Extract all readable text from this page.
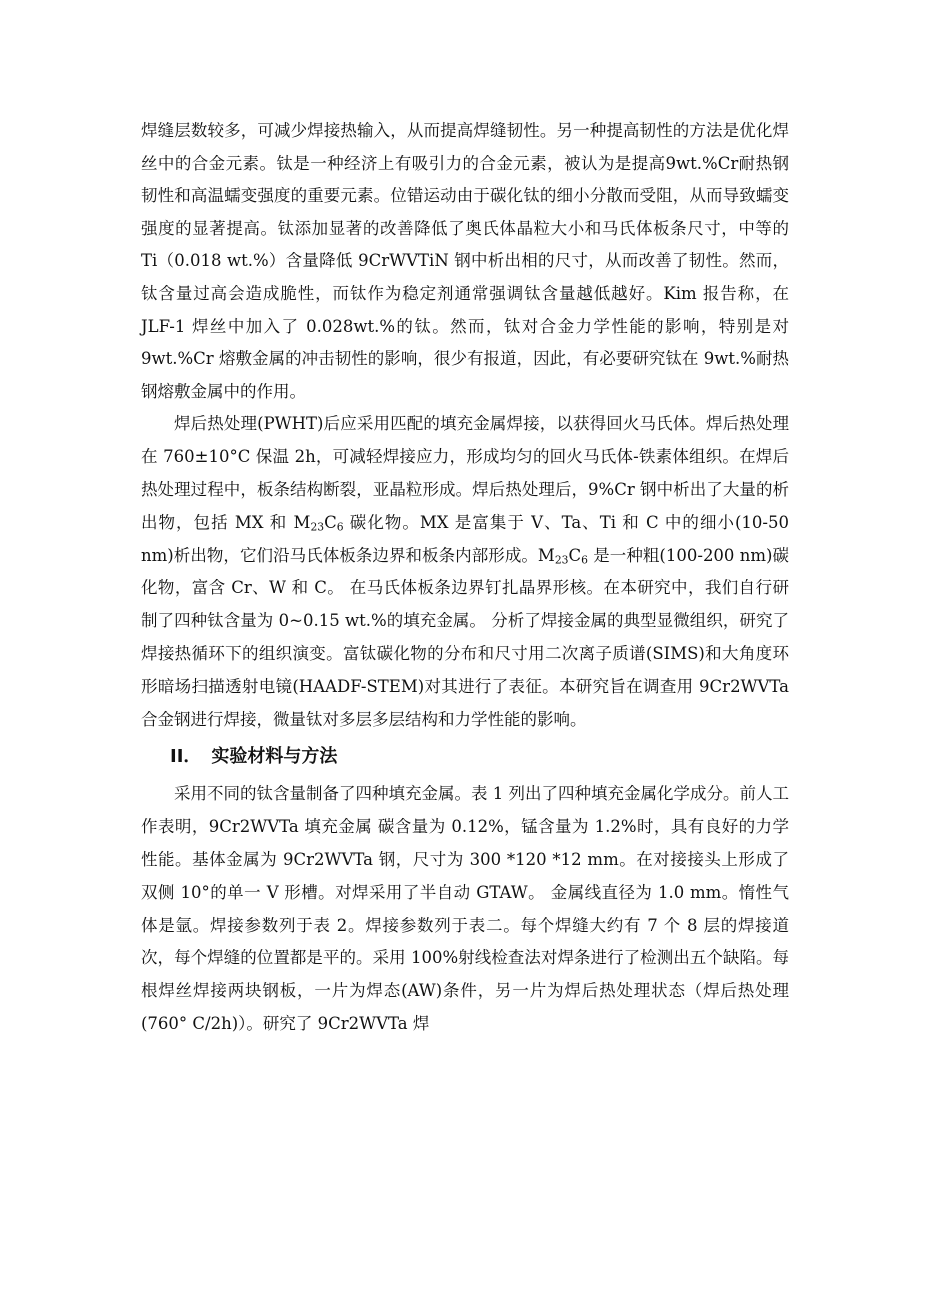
焊缝层数较多，可减少焊接热输入，从而提高焊缝韧性。另一种提高韧性的方法是优化焊丝中的合金元素。钛是一种经济上有吸引力的合金元素，被认为是提高9wt.%Cr耐热钢韧性和高温蠕变强度的重要元素。位错运动由于碳化钛的细小分散而受阻，从而导致蠕变强度的显著提高。钛添加显著的改善降低了奥氏体晶粒大小和马氏体板条尺寸，中等的 Ti（0.018 wt.%）含量降低 9CrWVTiN 钢中析出相的尺寸，从而改善了韧性。然而，钛含量过高会造成脆性，而钛作为稳定剂通常强调钛含量越低越好。Kim 报告称，在 JLF-1 焊丝中加入了 0.028wt.%的钛。然而，钛对合金力学性能的影响，特别是对 9wt.%Cr 熔敷金属的冲击韧性的影响，很少有报道，因此，有必要研究钛在 9wt.%耐热钢熔敷金属中的作用。

焊后热处理(PWHT)后应采用匹配的填充金属焊接，以获得回火马氏体。焊后热处理在 760±10°C 保温 2h，可减轻焊接应力，形成均匀的回火马氏体-铁素体组织。在焊后热处理过程中，板条结构断裂，亚晶粒形成。焊后热处理后，9%Cr 钢中析出了大量的析出物，包括 MX 和 $M_{23}C_6$ 碳化物。MX 是富集于 V、Ta、Ti 和 C 中的细小(10-50 nm)析出物，它们沿马氏体板条边界和板条内部形成。$M_{23}C_6$ 是一种粗(100-200 nm)碳化物，富含 Cr、W 和 C。 在马氏体板条边界钉扎晶界形核。在本研究中，我们自行研制了四种钛含量为 0~0.15 wt.%的填充金属。 分析了焊接金属的典型显微组织，研究了焊接热循环下的组织演变。富钛碳化物的分布和尺寸用二次离子质谱(SIMS)和大角度环形暗场扫描透射电镜(HAADF-STEM)对其进行了表征。本研究旨在调查用 9Cr2WVTa 合金钢进行焊接，微量钛对多层多层结构和力学性能的影响。

II． 实验材料与方法

采用不同的钛含量制备了四种填充金属。表 1 列出了四种填充金属化学成分。前人工作表明，9Cr2WVTa 填充金属 碳含量为 0.12%，锰含量为 1.2%时，具有良好的力学性能。基体金属为 9Cr2WVTa 钢，尺寸为 300 *120 *12 mm。在对接接头上形成了双侧 10°的单一 V 形槽。对焊采用了半自动 GTAW。 金属线直径为 1.0 mm。惰性气体是氩。焊接参数列于表 2。焊接参数列于表二。每个焊缝大约有 7 个 8 层的焊接道次，每个焊缝的位置都是平的。采用 100%射线检查法对焊条进行了检测出五个缺陷。每根焊丝焊接两块钢板，一片为焊态(AW)条件，另一片为焊后热处理状态（焊后热处理(760° C/2h)）。研究了 9Cr2WVTa 焊
